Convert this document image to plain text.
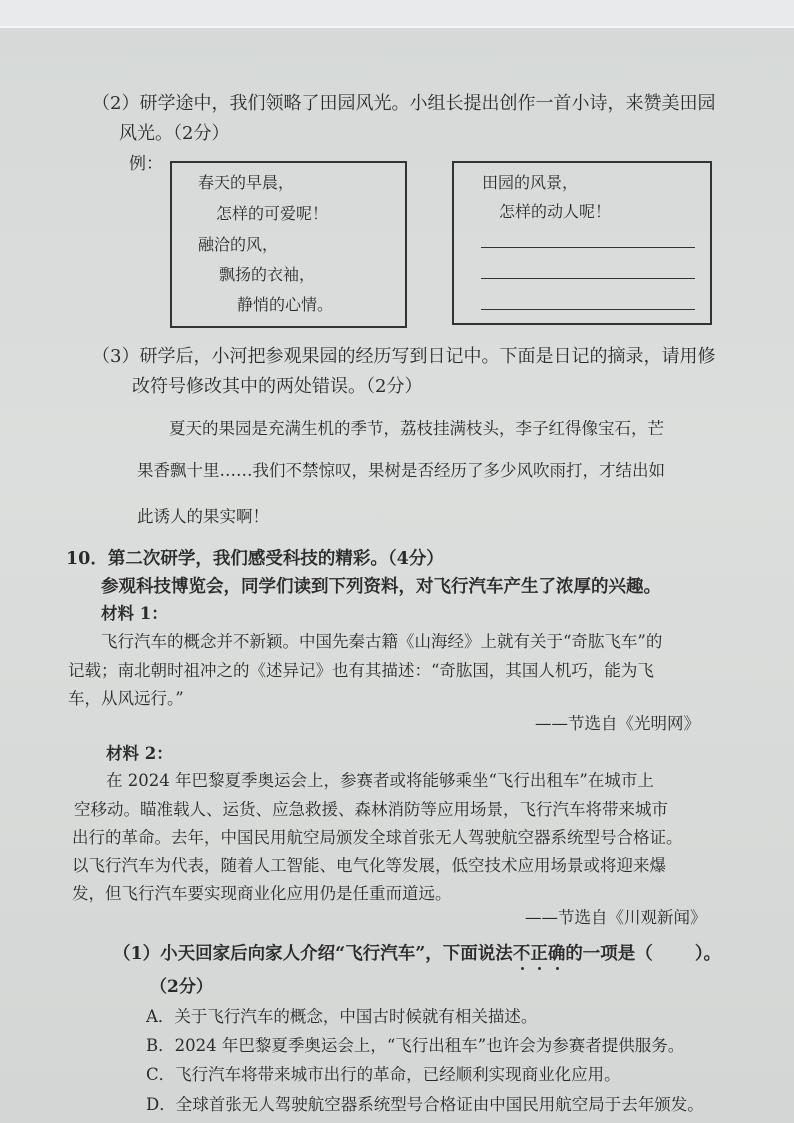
（2）研学途中，我们领略了田园风光。小组长提出创作一首小诗，来赞美田园
风光。（2分）
例：
春天的早晨，
怎样的可爱呢！
融洽的风，
飘扬的衣袖，
静悄的心情。
田园的风景，
怎样的动人呢！
（3）研学后，小河把参观果园的经历写到日记中。下面是日记的摘录，请用修
改符号修改其中的两处错误。（2分）
夏天的果园是充满生机的季节，荔枝挂满枝头，李子红得像宝石，芒
果香飘十里……我们不禁惊叹，果树是否经历了多少风吹雨打，才结出如
此诱人的果实啊！
10．第二次研学，我们感受科技的精彩。（4分）
参观科技博览会，同学们读到下列资料，对飞行汽车产生了浓厚的兴趣。
材料 1：
飞行汽车的概念并不新颖。中国先秦古籍《山海经》上就有关于“奇肱飞车”的
记载；南北朝时祖冲之的《述异记》也有其描述：“奇肱国，其国人机巧，能为飞
车，从风远行。”
——节选自《光明网》
材料 2：
在 2024 年巴黎夏季奥运会上，参赛者或将能够乘坐“飞行出租车”在城市上
空移动。瞄准载人、运货、应急救援、森林消防等应用场景，飞行汽车将带来城市
出行的革命。去年，中国民用航空局颁发全球首张无人驾驶航空器系统型号合格证。
以飞行汽车为代表，随着人工智能、电气化等发展，低空技术应用场景或将迎来爆
发，但飞行汽车要实现商业化应用仍是任重而道远。
——节选自《川观新闻》
（1）小天回家后向家人介绍“飞行汽车”，下面说法不正确的一项是（ ）。
（2分）
A．关于飞行汽车的概念，中国古时候就有相关描述。
B．2024 年巴黎夏季奥运会上，“飞行出租车”也许会为参赛者提供服务。
C．飞行汽车将带来城市出行的革命，已经顺利实现商业化应用。
D．全球首张无人驾驶航空器系统型号合格证由中国民用航空局于去年颁发。
